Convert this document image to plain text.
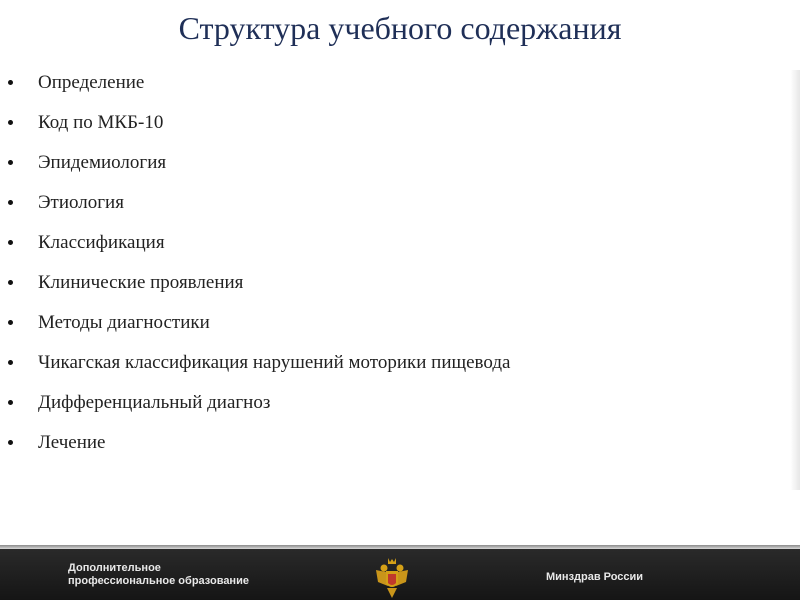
Структура учебного содержания
Определение
Код по МКБ-10
Эпидемиология
Этиология
Классификация
Клинические проявления
Методы диагностики
Чикагская классификация нарушений моторики пищевода
Дифференциальный диагноз
Лечение
Дополнительное
профессиональное образование	Минздрав России
